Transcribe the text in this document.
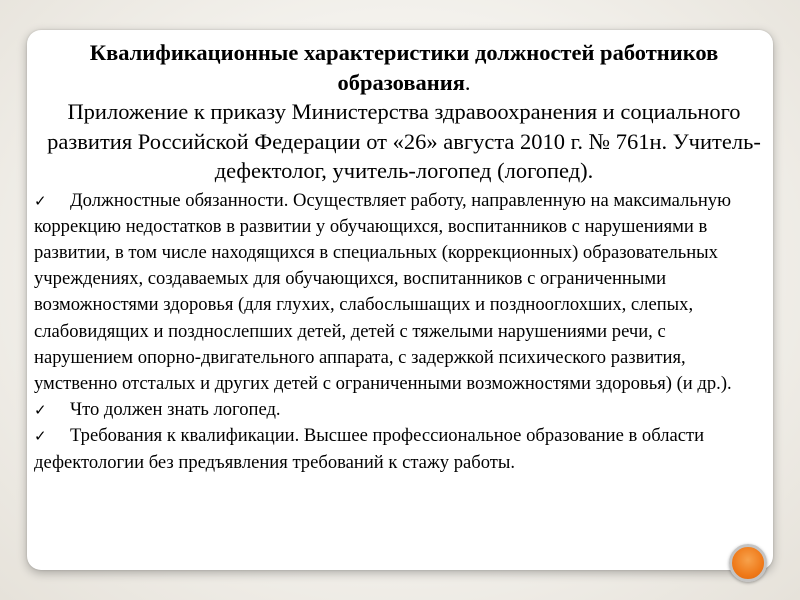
Квалификационные характеристики должностей работников образования.
Приложение к приказу Министерства здравоохранения и социального развития Российской Федерации от «26» августа 2010 г. № 761н. Учитель-дефектолог, учитель-логопед (логопед).
✓ Должностные обязанности. Осуществляет работу, направленную на максимальную коррекцию недостатков в развитии у обучающихся, воспитанников с нарушениями в развитии, в том числе находящихся в специальных (коррекционных) образовательных учреждениях, создаваемых для обучающихся, воспитанников с ограниченными возможностями здоровья (для глухих, слабослышащих и позднооглохших, слепых, слабовидящих и позднослепших детей, детей с тяжелыми нарушениями речи, с нарушением опорно-двигательного аппарата, с задержкой психического развития, умственно отсталых и других детей с ограниченными возможностями здоровья) (и др.).
✓ Что должен знать логопед.
✓ Требования к квалификации. Высшее профессиональное образование в области дефектологии без предъявления требований к стажу работы.
